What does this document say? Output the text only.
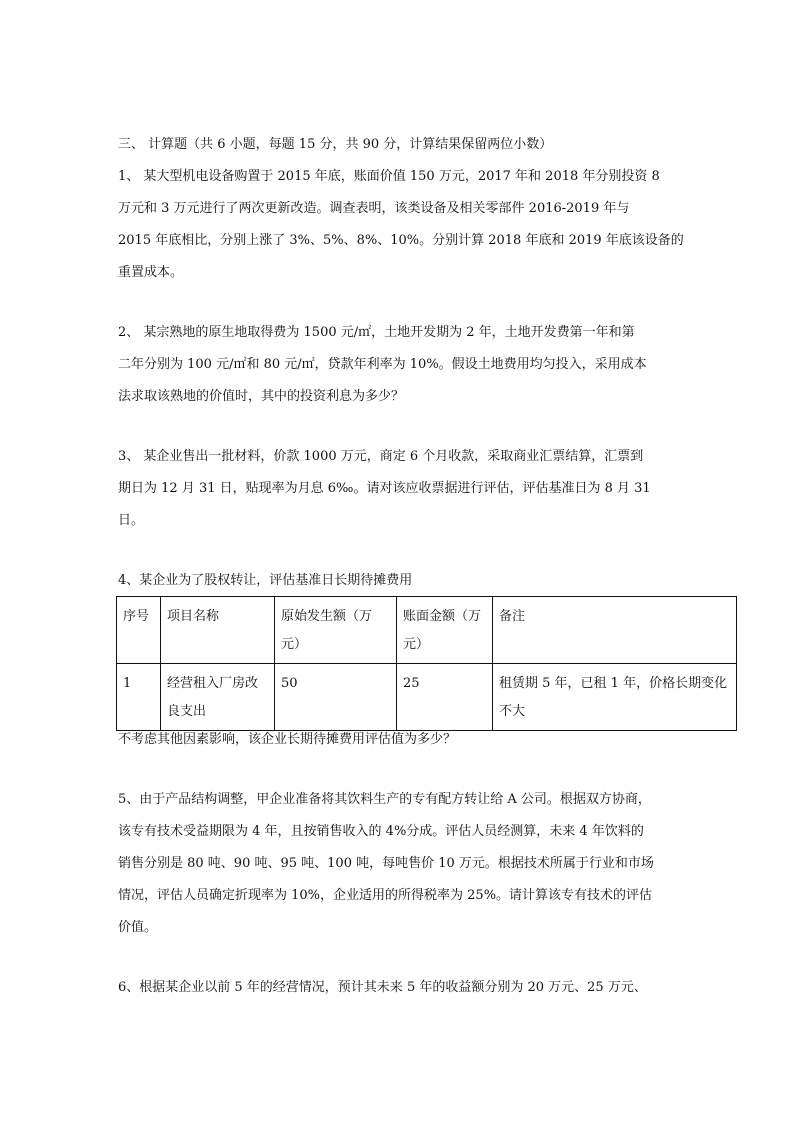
三、 计算题（共 6 小题，每题 15 分，共 90 分，计算结果保留两位小数）
1、 某大型机电设备购置于 2015 年底，账面价值 150 万元，2017 年和 2018 年分别投资 8
万元和 3 万元进行了两次更新改造。调查表明，该类设备及相关零部件 2016-2019 年与
2015 年底相比，分别上涨了 3%、5%、8%、10%。分别计算 2018 年底和 2019 年底该设备的
重置成本。
2、 某宗熟地的原生地取得费为 1500 元/㎡，土地开发期为 2 年，土地开发费第一年和第
二年分别为 100 元/㎡和 80 元/㎡，贷款年利率为 10%。假设土地费用均匀投入，采用成本
法求取该熟地的价值时，其中的投资利息为多少？
3、 某企业售出一批材料，价款 1000 万元，商定 6 个月收款，采取商业汇票结算，汇票到
期日为 12 月 31 日，贴现率为月息 6‰。请对该应收票据进行评估，评估基准日为 8 月 31
日。
4、某企业为了股权转让，评估基准日长期待摊费用
序号	项目名称	原始发生额（万元）	账面金额（万元）	备注
1	经营租入厂房改良支出	50	25	租赁期 5 年，已租 1 年，价格长期变化不大
不考虑其他因素影响，该企业长期待摊费用评估值为多少？
5、由于产品结构调整，甲企业准备将其饮料生产的专有配方转让给 A 公司。根据双方协商，
该专有技术受益期限为 4 年，且按销售收入的 4%分成。评估人员经测算，未来 4 年饮料的
销售分别是 80 吨、90 吨、95 吨、100 吨，每吨售价 10 万元。根据技术所属于行业和市场
情况，评估人员确定折现率为 10%，企业适用的所得税率为 25%。请计算该专有技术的评估
价值。
6、根据某企业以前 5 年的经营情况，预计其未来 5 年的收益额分别为 20 万元、25 万元、
